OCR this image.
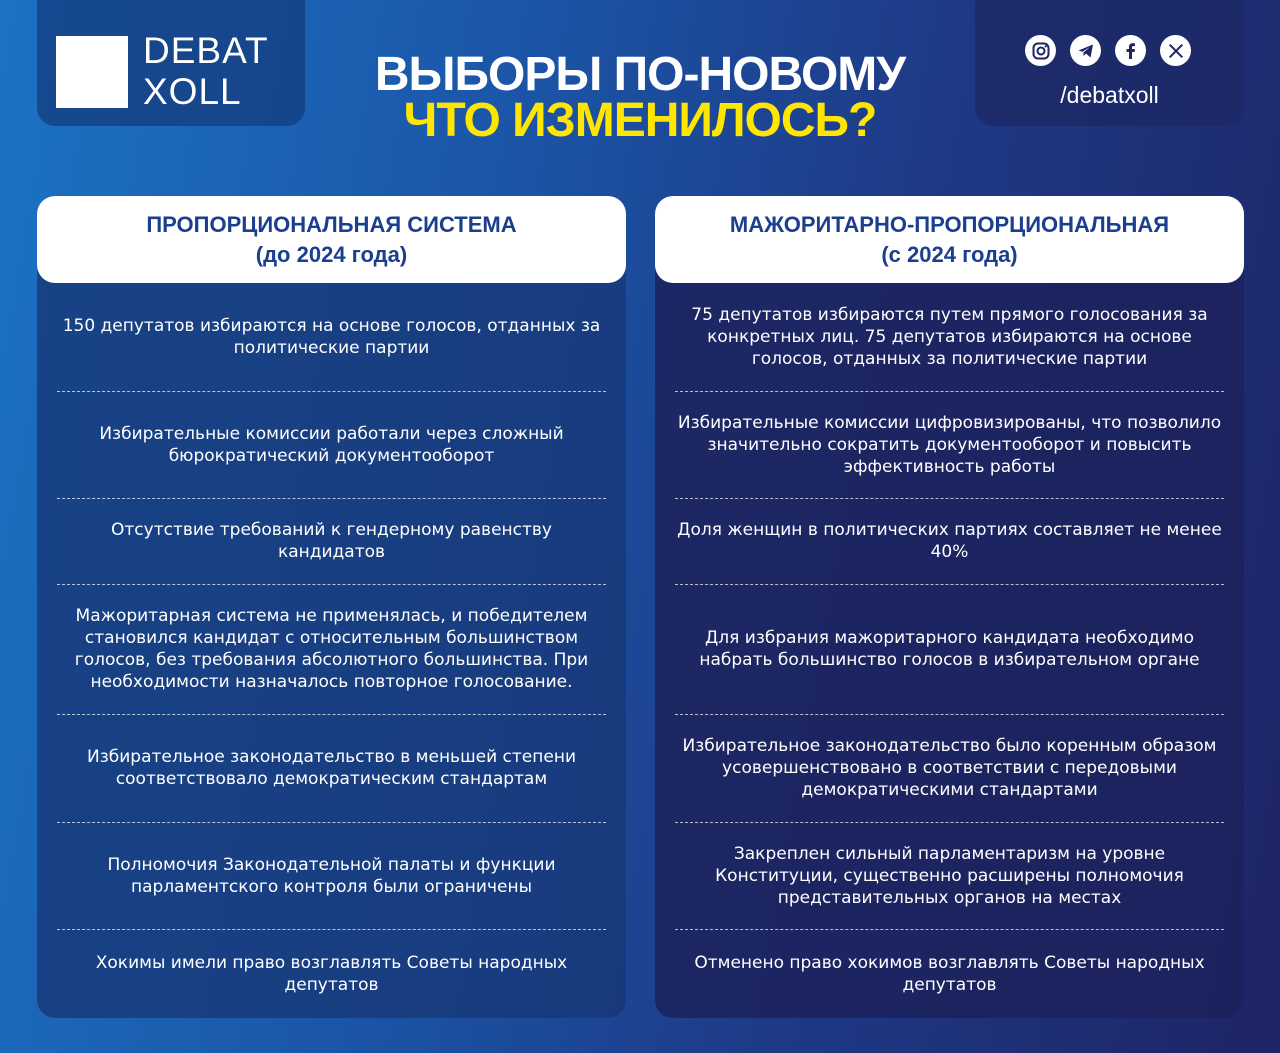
DEBAT
XOLL	ВЫБОРЫ ПО-НОВОМУ
ЧТО ИЗМЕНИЛОСЬ?	/debatxoll
ПРОПОРЦИОНАЛЬНАЯ СИСТЕМА
(до 2024 года)
150 депутатов избираются на основе голосов, отданных за политические партии
Избирательные комиссии работали через сложный бюрократический документооборот
Отсутствие требований к гендерному равенству кандидатов
Мажоритарная система не применялась, и победителем становился кандидат с относительным большинством голосов, без требования абсолютного большинства. При необходимости назначалось повторное голосование.
Избирательное законодательство в меньшей степени соответствовало демократическим стандартам
Полномочия Законодательной палаты и функции парламентского контроля были ограничены
Хокимы имели право возглавлять Советы народных депутатов
МАЖОРИТАРНО-ПРОПОРЦИОНАЛЬНАЯ
(с 2024 года)
75 депутатов избираются путем прямого голосования за конкретных лиц. 75 депутатов избираются на основе голосов, отданных за политические партии
Избирательные комиссии цифровизированы, что позволило значительно сократить документооборот и повысить эффективность работы
Доля женщин в политических партиях составляет не менее 40%
Для избрания мажоритарного кандидата необходимо набрать большинство голосов в избирательном органе
Избирательное законодательство было коренным образом усовершенствовано в соответствии с передовыми демократическими стандартами
Закреплен сильный парламентаризм на уровне Конституции, существенно расширены полномочия представительных органов на местах
Отменено право хокимов возглавлять Советы народных депутатов
